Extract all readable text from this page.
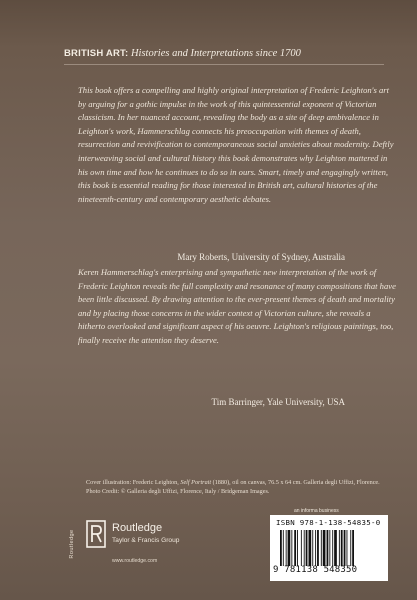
BRITISH ART: Histories and Interpretations since 1700
This book offers a compelling and highly original interpretation of Frederic Leighton's art by arguing for a gothic impulse in the work of this quintessential exponent of Victorian classicism. In her nuanced account, revealing the body as a site of deep ambivalence in Leighton's work, Hammerschlag connects his preoccupation with themes of death, resurrection and revivification to contemporaneous social anxieties about modernity. Deftly interweaving social and cultural history this book demonstrates why Leighton mattered in his own time and how he continues to do so in ours. Smart, timely and engagingly written, this book is essential reading for those interested in British art, cultural histories of the nineteenth-century and contemporary aesthetic debates.
Mary Roberts, University of Sydney, Australia
Keren Hammerschlag's enterprising and sympathetic new interpretation of the work of Frederic Leighton reveals the full complexity and resonance of many compositions that have been little discussed. By drawing attention to the ever-present themes of death and mortality and by placing those concerns in the wider context of Victorian culture, she reveals a hitherto overlooked and significant aspect of his oeuvre. Leighton's religious paintings, too, finally receive the attention they deserve.
Tim Barringer, Yale University, USA
Cover illustration: Frederic Leighton, Self Portrait (1880), oil on canvas, 76.5 x 64 cm. Galleria degli Uffizi, Florence. Photo Credit: © Galleria degli Uffizi, Florence, Italy / Bridgeman Images.
Routledge
Routledge
Taylor & Francis Group
www.routledge.com
an informa business
ISBN 978-1-138-54835-0
9 781138 548350
